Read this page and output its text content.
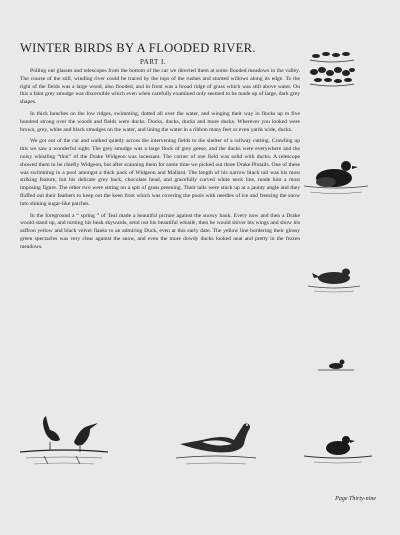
WINTER BIRDS BY A FLOODED RIVER.
PART I.

Pulling out glasses and telescopes from the bottom of the car we directed them at some flooded meadows in the valley. The course of the still, winding river could be traced by the tops of the rushes and stunted willows along its edge. To the right of the fields was a large wood, also flooded, and in front was a broad ridge of grass which was still above water. On this a faint grey smudge was discernible which even when carefully examined only seemed to be made up of large, dark grey shapes.

In thick bunches on the low ridges, swimming, dotted all over the water, and winging their way in flocks up to five hundred strong over the woods and fields were ducks. Ducks, ducks, ducks and more ducks. Wherever you looked were brown, grey, white and black smudges on the water, and lining the water in a ribbon many feet or even yards wide, ducks.

We got out of the car and walked quietly across the intervening fields to the shelter of a railway cutting. Crawling up this we saw a wonderful sight. The grey smudge was a large flock of grey geese, and the ducks were everywhere and the noisy whistling “thui” of the Drake Widgeon was incessant. The corner of one field was solid with ducks. A telescope showed them to be chiefly Widgeon, but after scanning them for some time we picked out three Drake Pintails. One of these was swimming in a pool amongst a thick pack of Widgeon and Mallard. The length of his narrow black tail was his most striking feature, but his delicate grey back, chocolate head, and gracefully curved white neck line, made him a most imposing figure. The other two were sitting on a spit of grass preening. Their tails were stuck up at a jaunty angle and they fluffed out their feathers to keep out the keen frost which was covering the pools with needles of ice and freezing the snow into shining sugar-like patches.

In the foreground a “ spring ” of Teal made a beautiful picture against the snowy bank. Every now and then a Drake would stand up, and turning his beak skywards, send out his beautiful whistle, then he would shiver his wings and show his saffron yellow and black velvet flanks to an admiring Duck, even at this early date. The yellow line bordering their glossy green spectacles was very clear against the snow, and even the more dowdy ducks looked neat and pretty in the frozen meadows.

Page Thirty-nine
